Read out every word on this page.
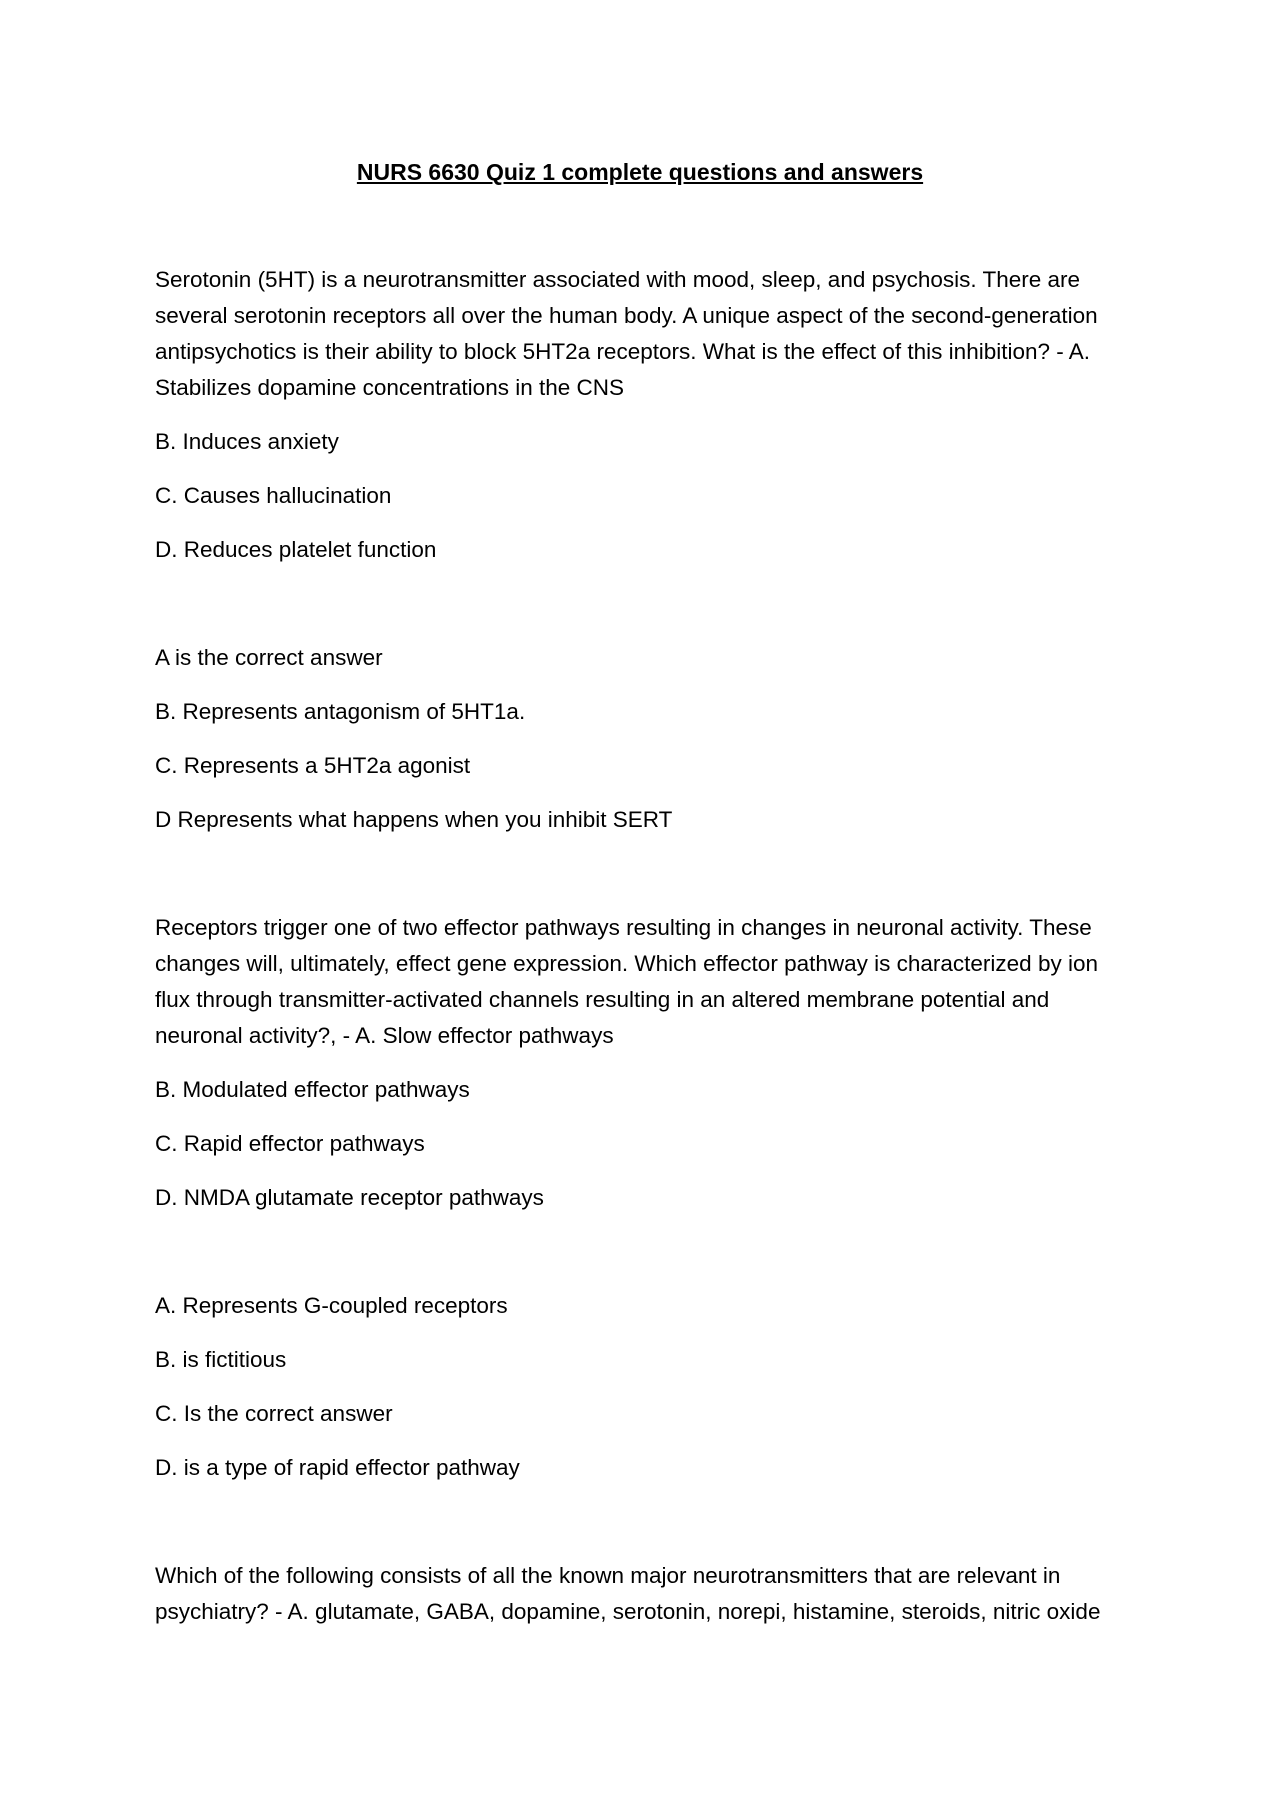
NURS 6630 Quiz 1 complete questions and answers

Serotonin (5HT) is a neurotransmitter associated with mood, sleep, and psychosis. There are several serotonin receptors all over the human body. A unique aspect of the second-generation antipsychotics is their ability to block 5HT2a receptors. What is the effect of this inhibition? - A. Stabilizes dopamine concentrations in the CNS

B. Induces anxiety

C. Causes hallucination

D. Reduces platelet function

A is the correct answer

B. Represents antagonism of 5HT1a.

C. Represents a 5HT2a agonist

D Represents what happens when you inhibit SERT

Receptors trigger one of two effector pathways resulting in changes in neuronal activity. These changes will, ultimately, effect gene expression. Which effector pathway is characterized by ion flux through transmitter-activated channels resulting in an altered membrane potential and neuronal activity?, - A. Slow effector pathways

B. Modulated effector pathways

C. Rapid effector pathways

D. NMDA glutamate receptor pathways

A. Represents G-coupled receptors

B. is fictitious

C. Is the correct answer

D. is a type of rapid effector pathway

Which of the following consists of all the known major neurotransmitters that are relevant in psychiatry? - A. glutamate, GABA, dopamine, serotonin, norepi, histamine, steroids, nitric oxide
